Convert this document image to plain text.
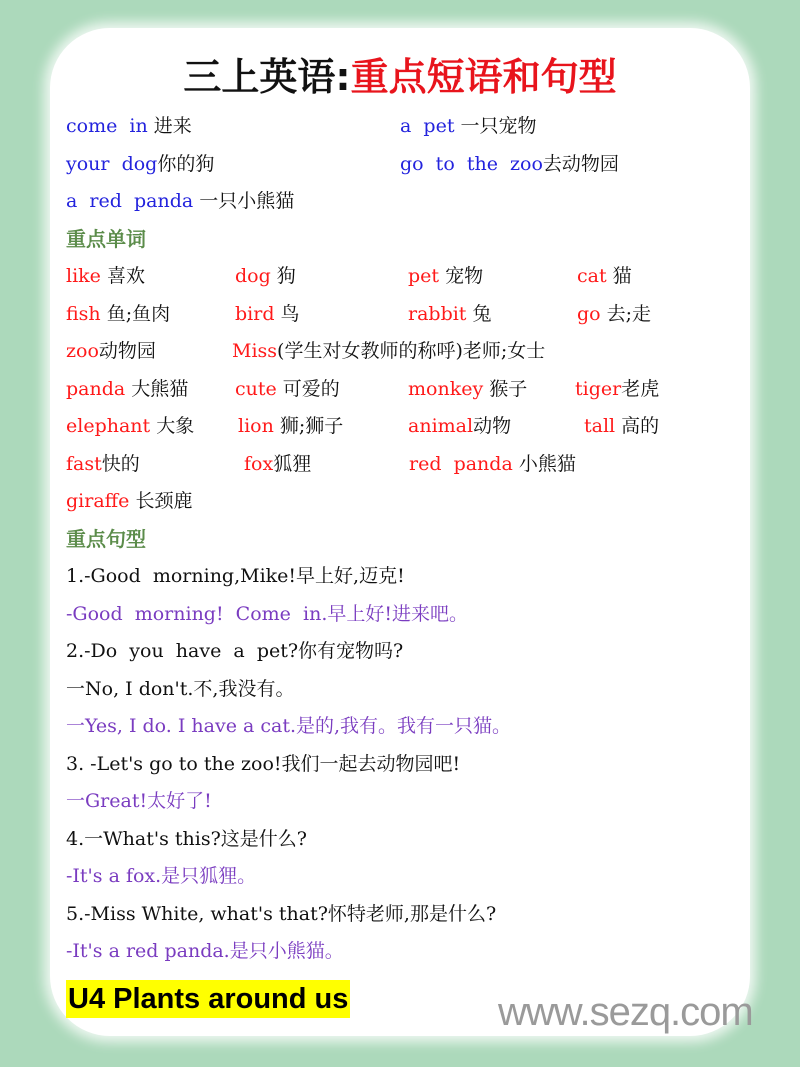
三上英语:重点短语和句型
come  in 进来	a  pet 一只宠物
your  dog你的狗	go  to  the  zoo去动物园
a  red  panda 一只小熊猫
重点单词
like 喜欢	dog 狗	pet 宠物	cat 猫
fish 鱼;鱼肉	bird 鸟	rabbit 兔	go 去;走
zoo动物园	Miss(学生对女教师的称呼)老师;女士
panda 大熊猫 cute 可爱的	monkey 猴子	tiger老虎
elephant 大象 lion 狮;狮子	animal动物	tall 高的
fast快的	fox狐狸	red  panda 小熊猫
giraffe 长颈鹿
重点句型
1.-Good  morning,Mike!早上好,迈克!
-Good  morning!  Come  in.早上好!进来吧。
2.-Do  you  have  a  pet?你有宠物吗?
一No, I don't.不,我没有。
一Yes, I do. I have a cat.是的,我有。我有一只猫。
3. -Let's go to the zoo!我们一起去动物园吧!
一Great!太好了!
4.一What's this?这是什么?
-It's a fox.是只狐狸。
5.-Miss White, what's that?怀特老师,那是什么?
-It's a red panda.是只小熊猫。
U4 Plants around us	www.sezq.com
